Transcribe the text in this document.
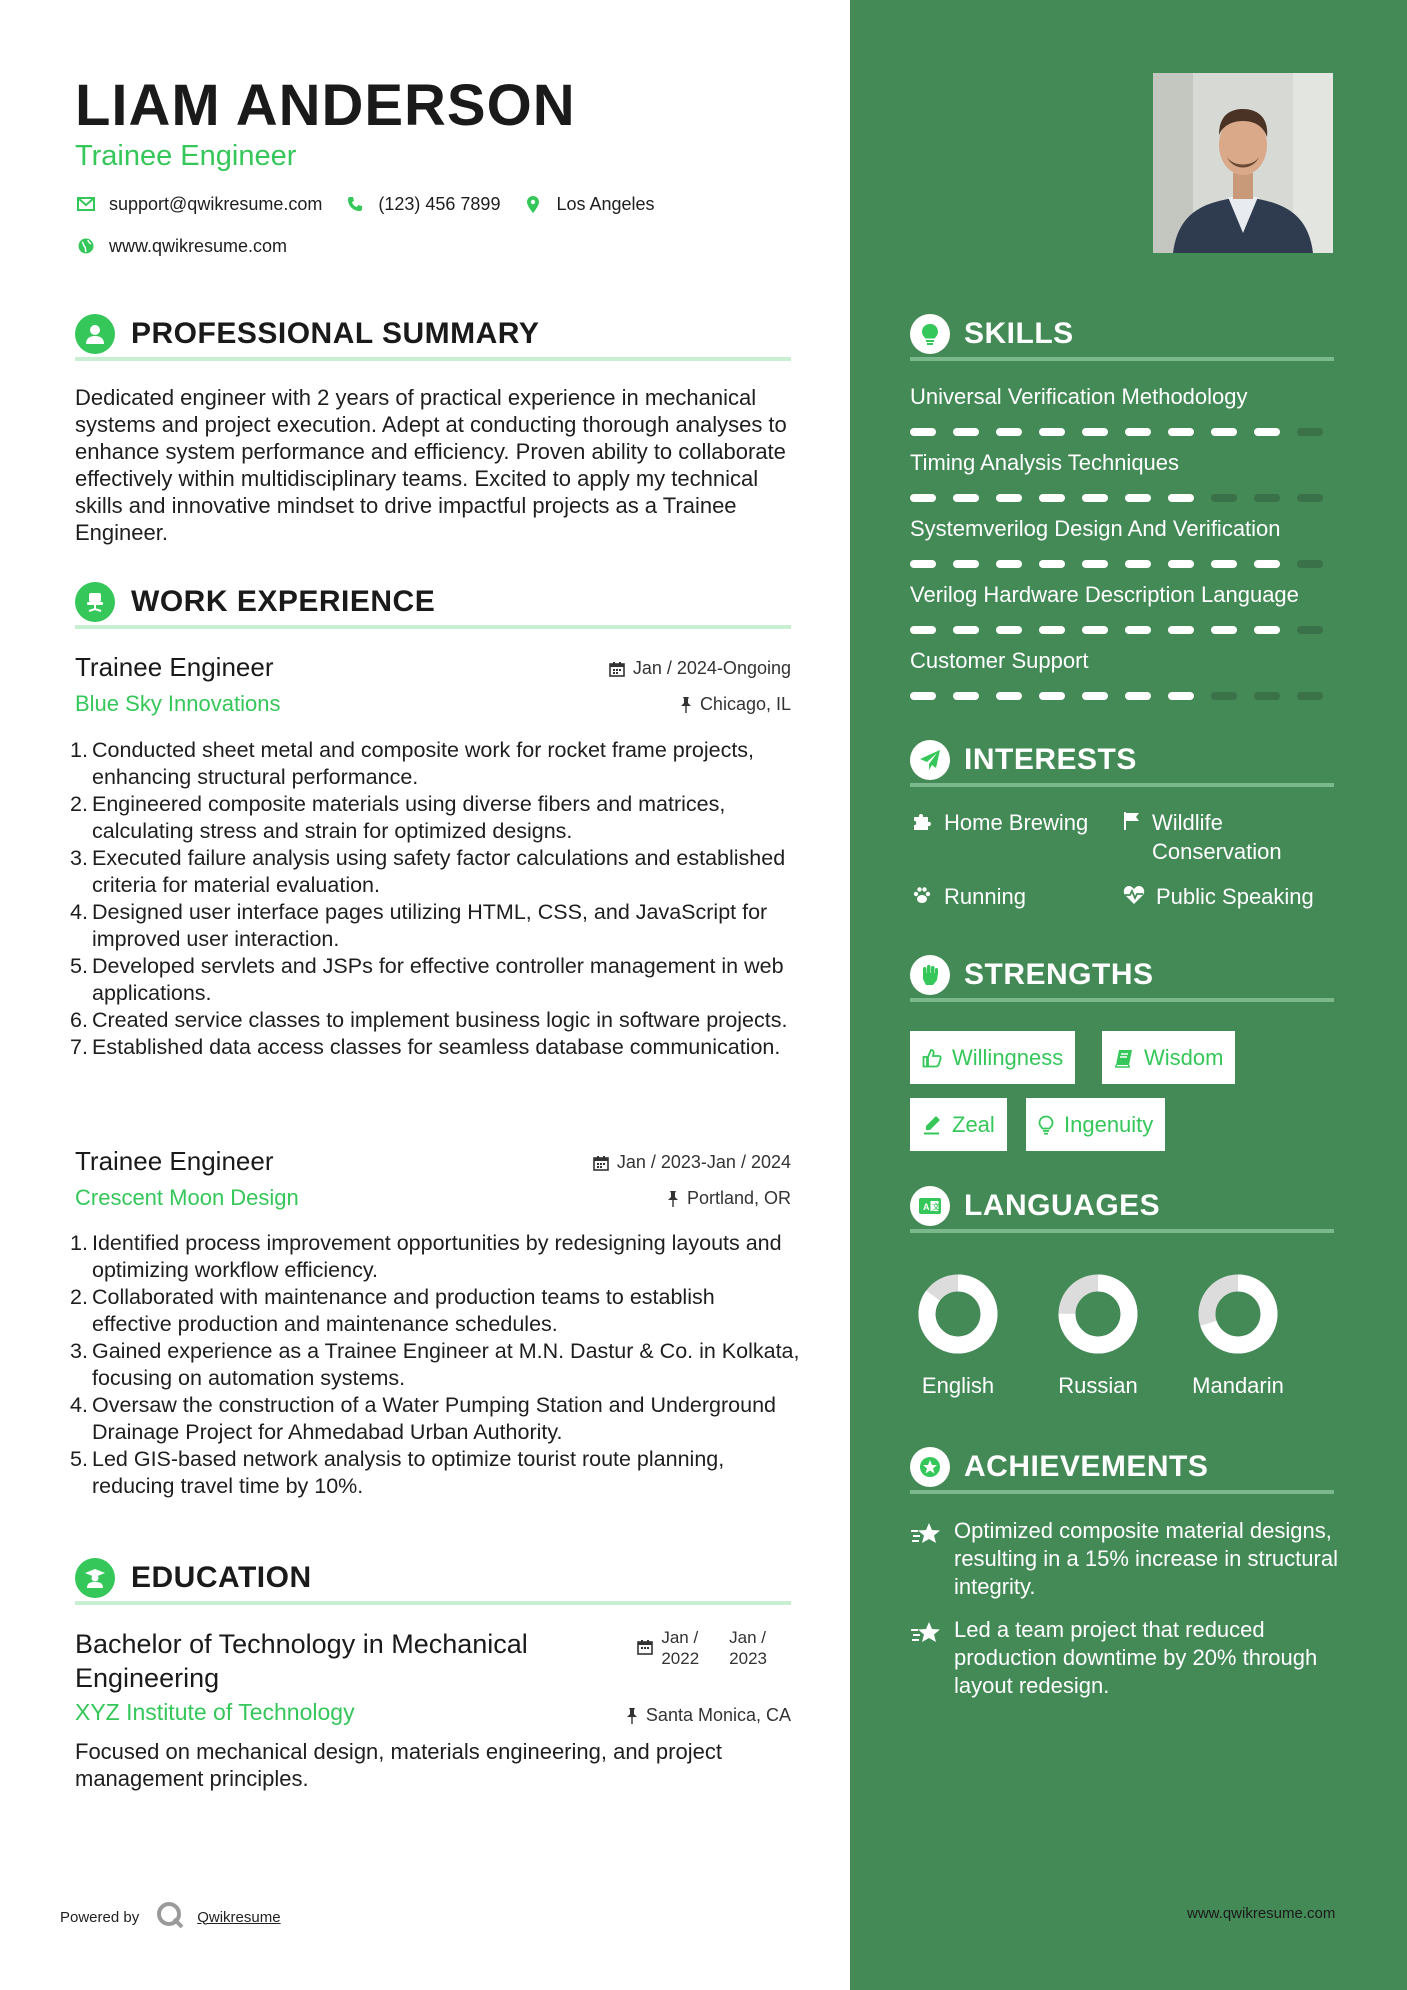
LIAM ANDERSON
Trainee Engineer
support@qwikresume.com	(123) 456 7899	Los Angeles
www.qwikresume.com
PROFESSIONAL SUMMARY
Dedicated engineer with 2 years of practical experience in mechanical systems and project execution. Adept at conducting thorough analyses to enhance system performance and efficiency. Proven ability to collaborate effectively within multidisciplinary teams. Excited to apply my technical skills and innovative mindset to drive impactful projects as a Trainee Engineer.
WORK EXPERIENCE
Trainee Engineer
Blue Sky Innovations
Jan / 2024-Ongoing
Chicago, IL
1. Conducted sheet metal and composite work for rocket frame projects, enhancing structural performance.
2. Engineered composite materials using diverse fibers and matrices, calculating stress and strain for optimized designs.
3. Executed failure analysis using safety factor calculations and established criteria for material evaluation.
4. Designed user interface pages utilizing HTML, CSS, and JavaScript for improved user interaction.
5. Developed servlets and JSPs for effective controller management in web applications.
6. Created service classes to implement business logic in software projects.
7. Established data access classes for seamless database communication.
Trainee Engineer
Crescent Moon Design
Jan / 2023-Jan / 2024
Portland, OR
1. Identified process improvement opportunities by redesigning layouts and optimizing workflow efficiency.
2. Collaborated with maintenance and production teams to establish effective production and maintenance schedules.
3. Gained experience as a Trainee Engineer at M.N. Dastur & Co. in Kolkata, focusing on automation systems.
4. Oversaw the construction of a Water Pumping Station and Underground Drainage Project for Ahmedabad Urban Authority.
5. Led GIS-based network analysis to optimize tourist route planning, reducing travel time by 10%.
EDUCATION
Bachelor of Technology in Mechanical Engineering
XYZ Institute of Technology
Jan /
2022
Jan /
2023
Santa Monica, CA
Focused on mechanical design, materials engineering, and project management principles.
Powered by	Qwikresume
SKILLS
Universal Verification Methodology
Timing Analysis Techniques
Systemverilog Design And Verification
Verilog Hardware Description Language
Customer Support
INTERESTS
Home Brewing	Wildlife Conservation
Running	Public Speaking
STRENGTHS
Willingness	Wisdom
Zeal	Ingenuity
A 文 LANGUAGES
English	Russian	Mandarin
ACHIEVEMENTS
Optimized composite material designs, resulting in a 15% increase in structural integrity.
Led a team project that reduced production downtime by 20% through layout redesign.
www.qwikresume.com
